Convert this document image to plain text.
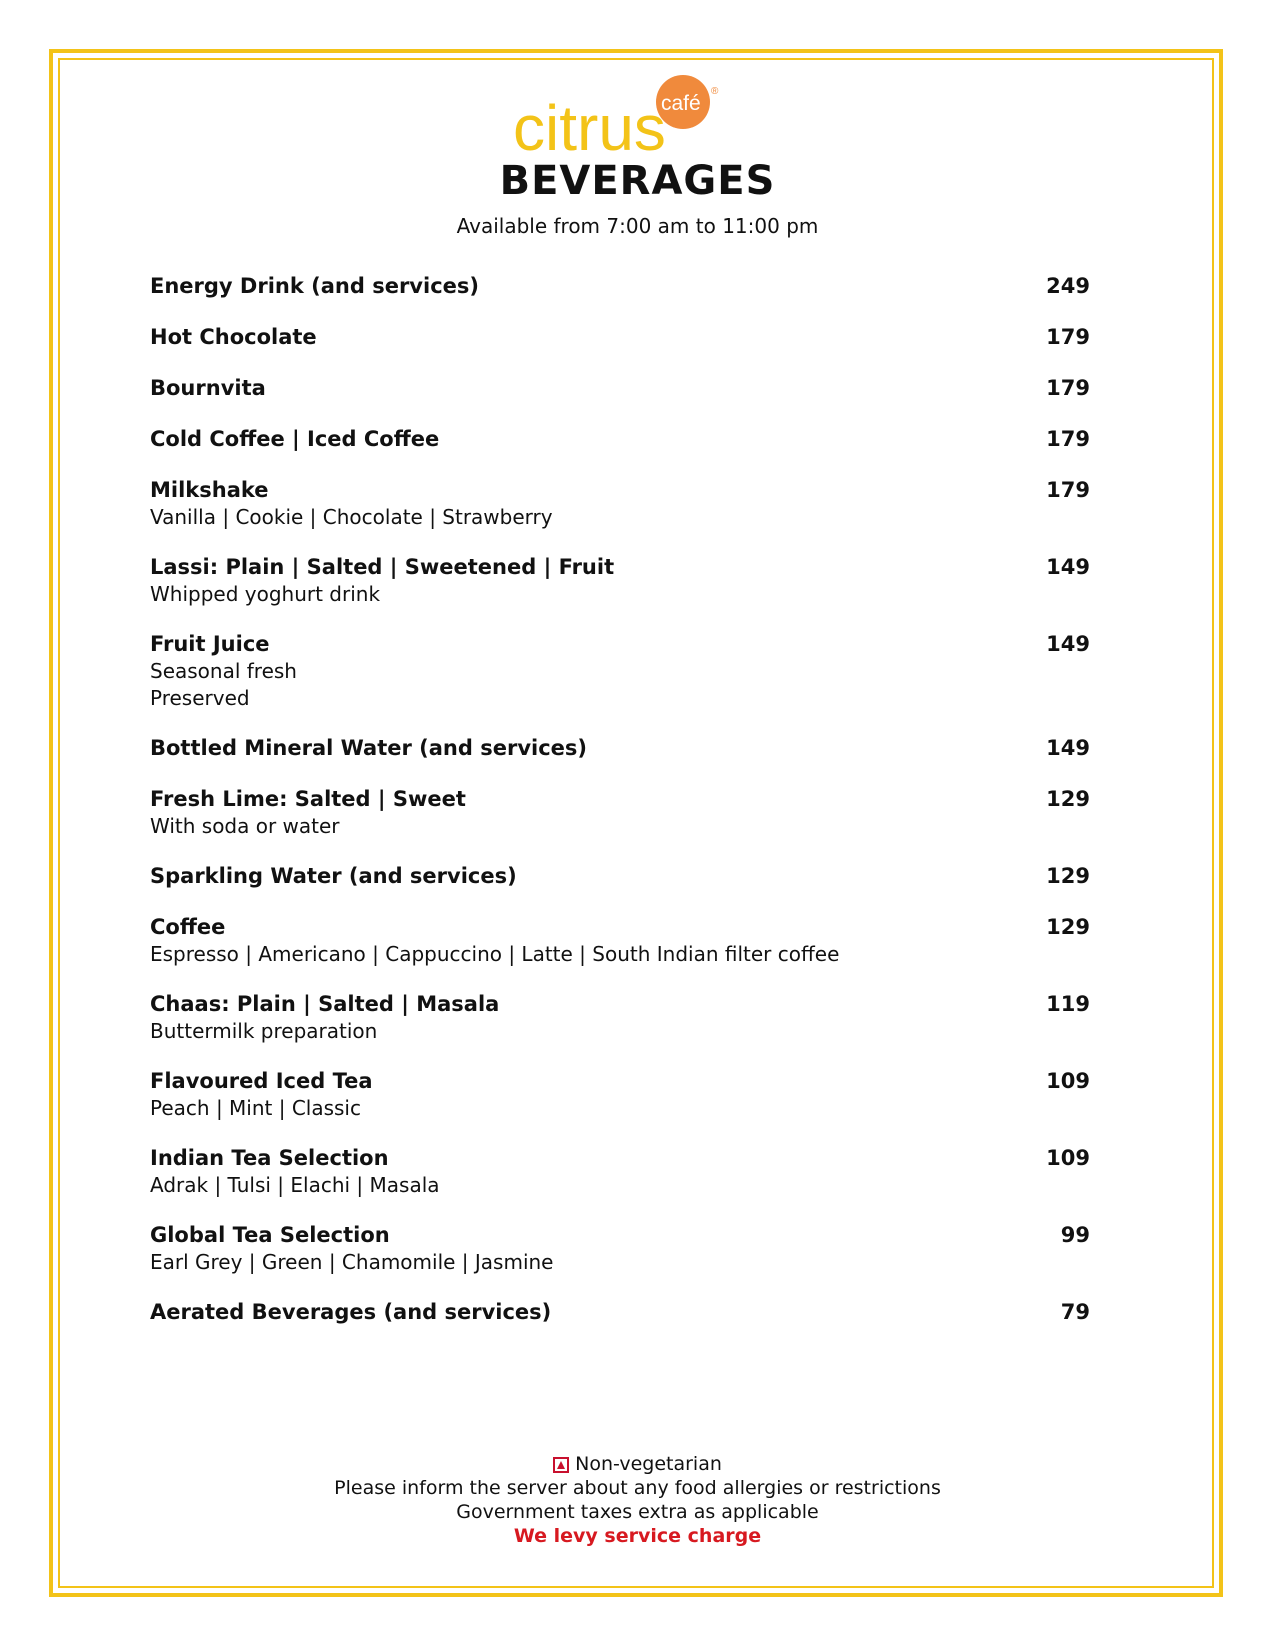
citrus
café
®
BEVERAGES
Available from 7:00 am to 11:00 pm
Energy Drink (and services)	249
Hot Chocolate	179
Bournvita	179
Cold Coffee | Iced Coffee	179
Milkshake	179
Vanilla | Cookie | Chocolate | Strawberry
Lassi: Plain | Salted | Sweetened | Fruit	149
Whipped yoghurt drink
Fruit Juice	149
Seasonal fresh
Preserved
Bottled Mineral Water (and services)	149
Fresh Lime: Salted | Sweet	129
With soda or water
Sparkling Water (and services)	129
Coffee	129
Espresso | Americano | Cappuccino | Latte | South Indian filter coffee
Chaas: Plain | Salted | Masala	119
Buttermilk preparation
Flavoured Iced Tea	109
Peach | Mint | Classic
Indian Tea Selection	109
Adrak | Tulsi | Elachi | Masala
Global Tea Selection	99
Earl Grey | Green | Chamomile | Jasmine
Aerated Beverages (and services)	79
Non-vegetarian
Please inform the server about any food allergies or restrictions
Government taxes extra as applicable
We levy service charge
